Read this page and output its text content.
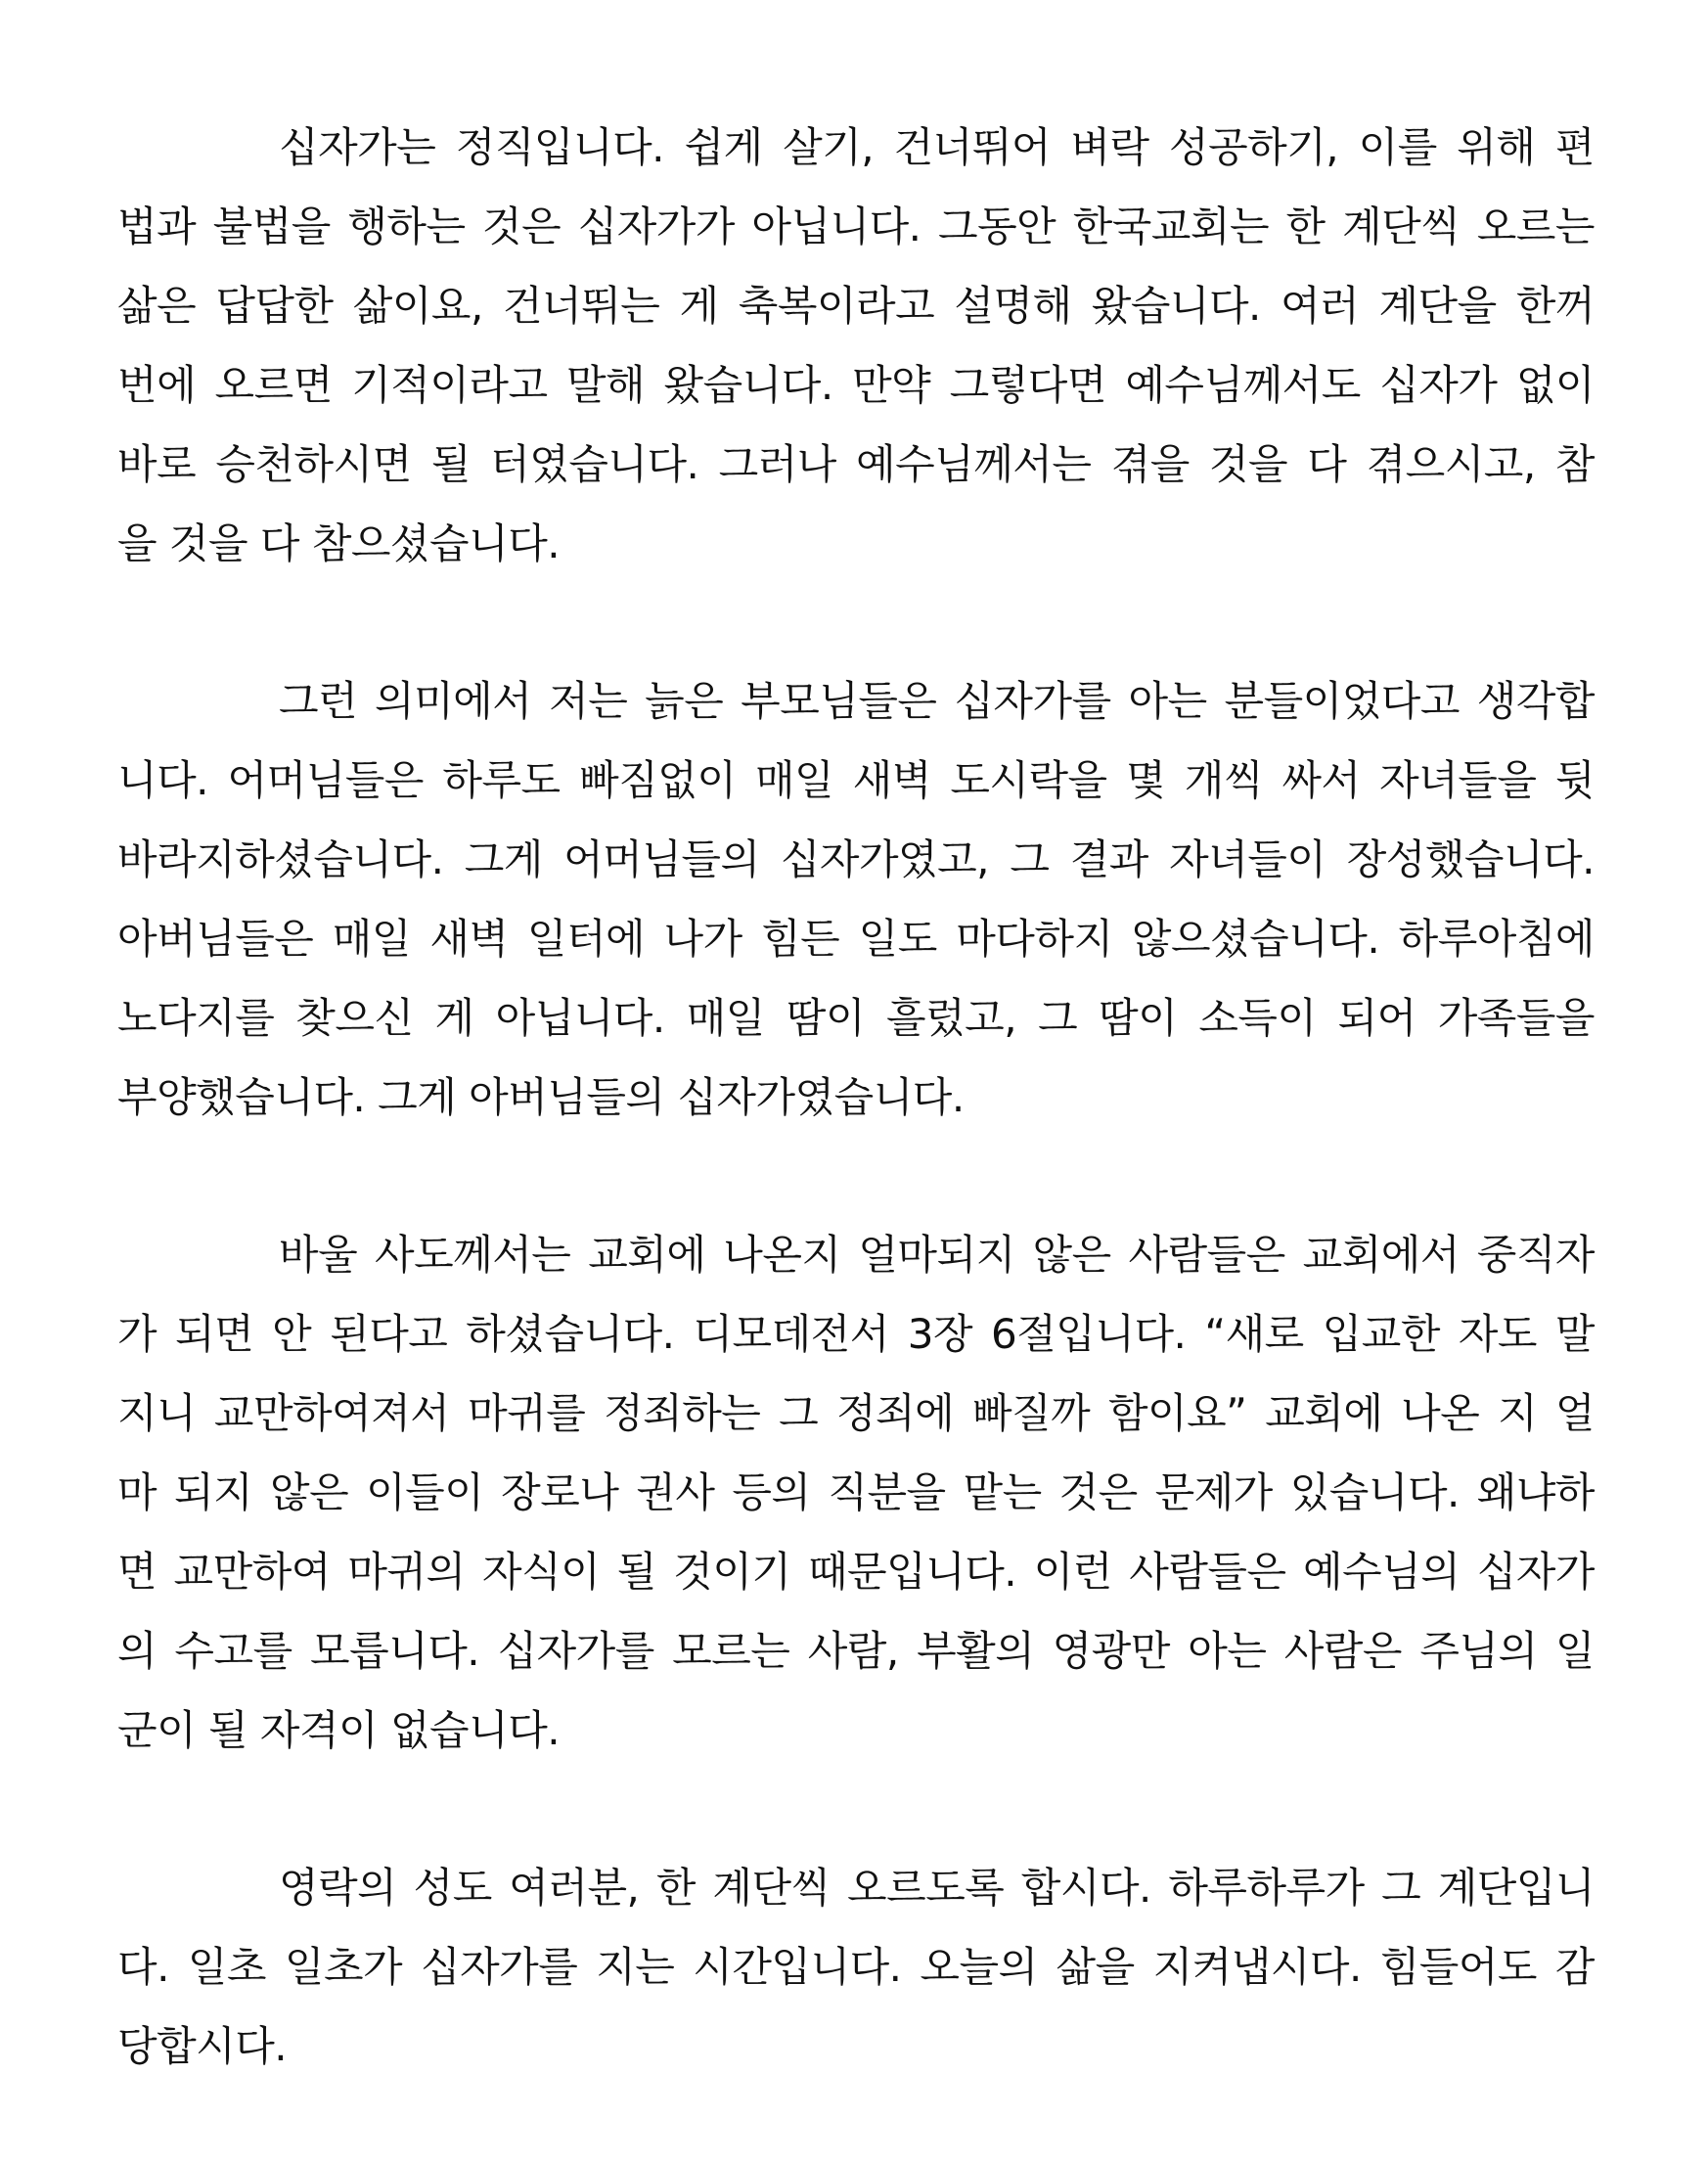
십자가는 정직입니다. 쉽게 살기, 건너뛰어 벼락 성공하기, 이를 위해 편
법과 불법을 행하는 것은 십자가가 아닙니다. 그동안 한국교회는 한 계단씩 오르는
삶은 답답한 삶이요, 건너뛰는 게 축복이라고 설명해 왔습니다. 여러 계단을 한꺼
번에 오르면 기적이라고 말해 왔습니다. 만약 그렇다면 예수님께서도 십자가 없이
바로 승천하시면 될 터였습니다. 그러나 예수님께서는 겪을 것을 다 겪으시고, 참
을 것을 다 참으셨습니다.
그런 의미에서 저는 늙은 부모님들은 십자가를 아는 분들이었다고 생각합
니다. 어머님들은 하루도 빠짐없이 매일 새벽 도시락을 몇 개씩 싸서 자녀들을 뒷
바라지하셨습니다. 그게 어머님들의 십자가였고, 그 결과 자녀들이 장성했습니다.
아버님들은 매일 새벽 일터에 나가 힘든 일도 마다하지 않으셨습니다. 하루아침에
노다지를 찾으신 게 아닙니다. 매일 땀이 흘렀고, 그 땀이 소득이 되어 가족들을
부양했습니다. 그게 아버님들의 십자가였습니다.
바울 사도께서는 교회에 나온지 얼마되지 않은 사람들은 교회에서 중직자
가 되면 안 된다고 하셨습니다. 디모데전서 3장 6절입니다. “새로 입교한 자도 말
지니 교만하여져서 마귀를 정죄하는 그 정죄에 빠질까 함이요” 교회에 나온 지 얼
마 되지 않은 이들이 장로나 권사 등의 직분을 맡는 것은 문제가 있습니다. 왜냐하
면 교만하여 마귀의 자식이 될 것이기 때문입니다. 이런 사람들은 예수님의 십자가
의 수고를 모릅니다. 십자가를 모르는 사람, 부활의 영광만 아는 사람은 주님의 일
군이 될 자격이 없습니다.
영락의 성도 여러분, 한 계단씩 오르도록 합시다. 하루하루가 그 계단입니
다. 일초 일초가 십자가를 지는 시간입니다. 오늘의 삶을 지켜냅시다. 힘들어도 감
당합시다.
